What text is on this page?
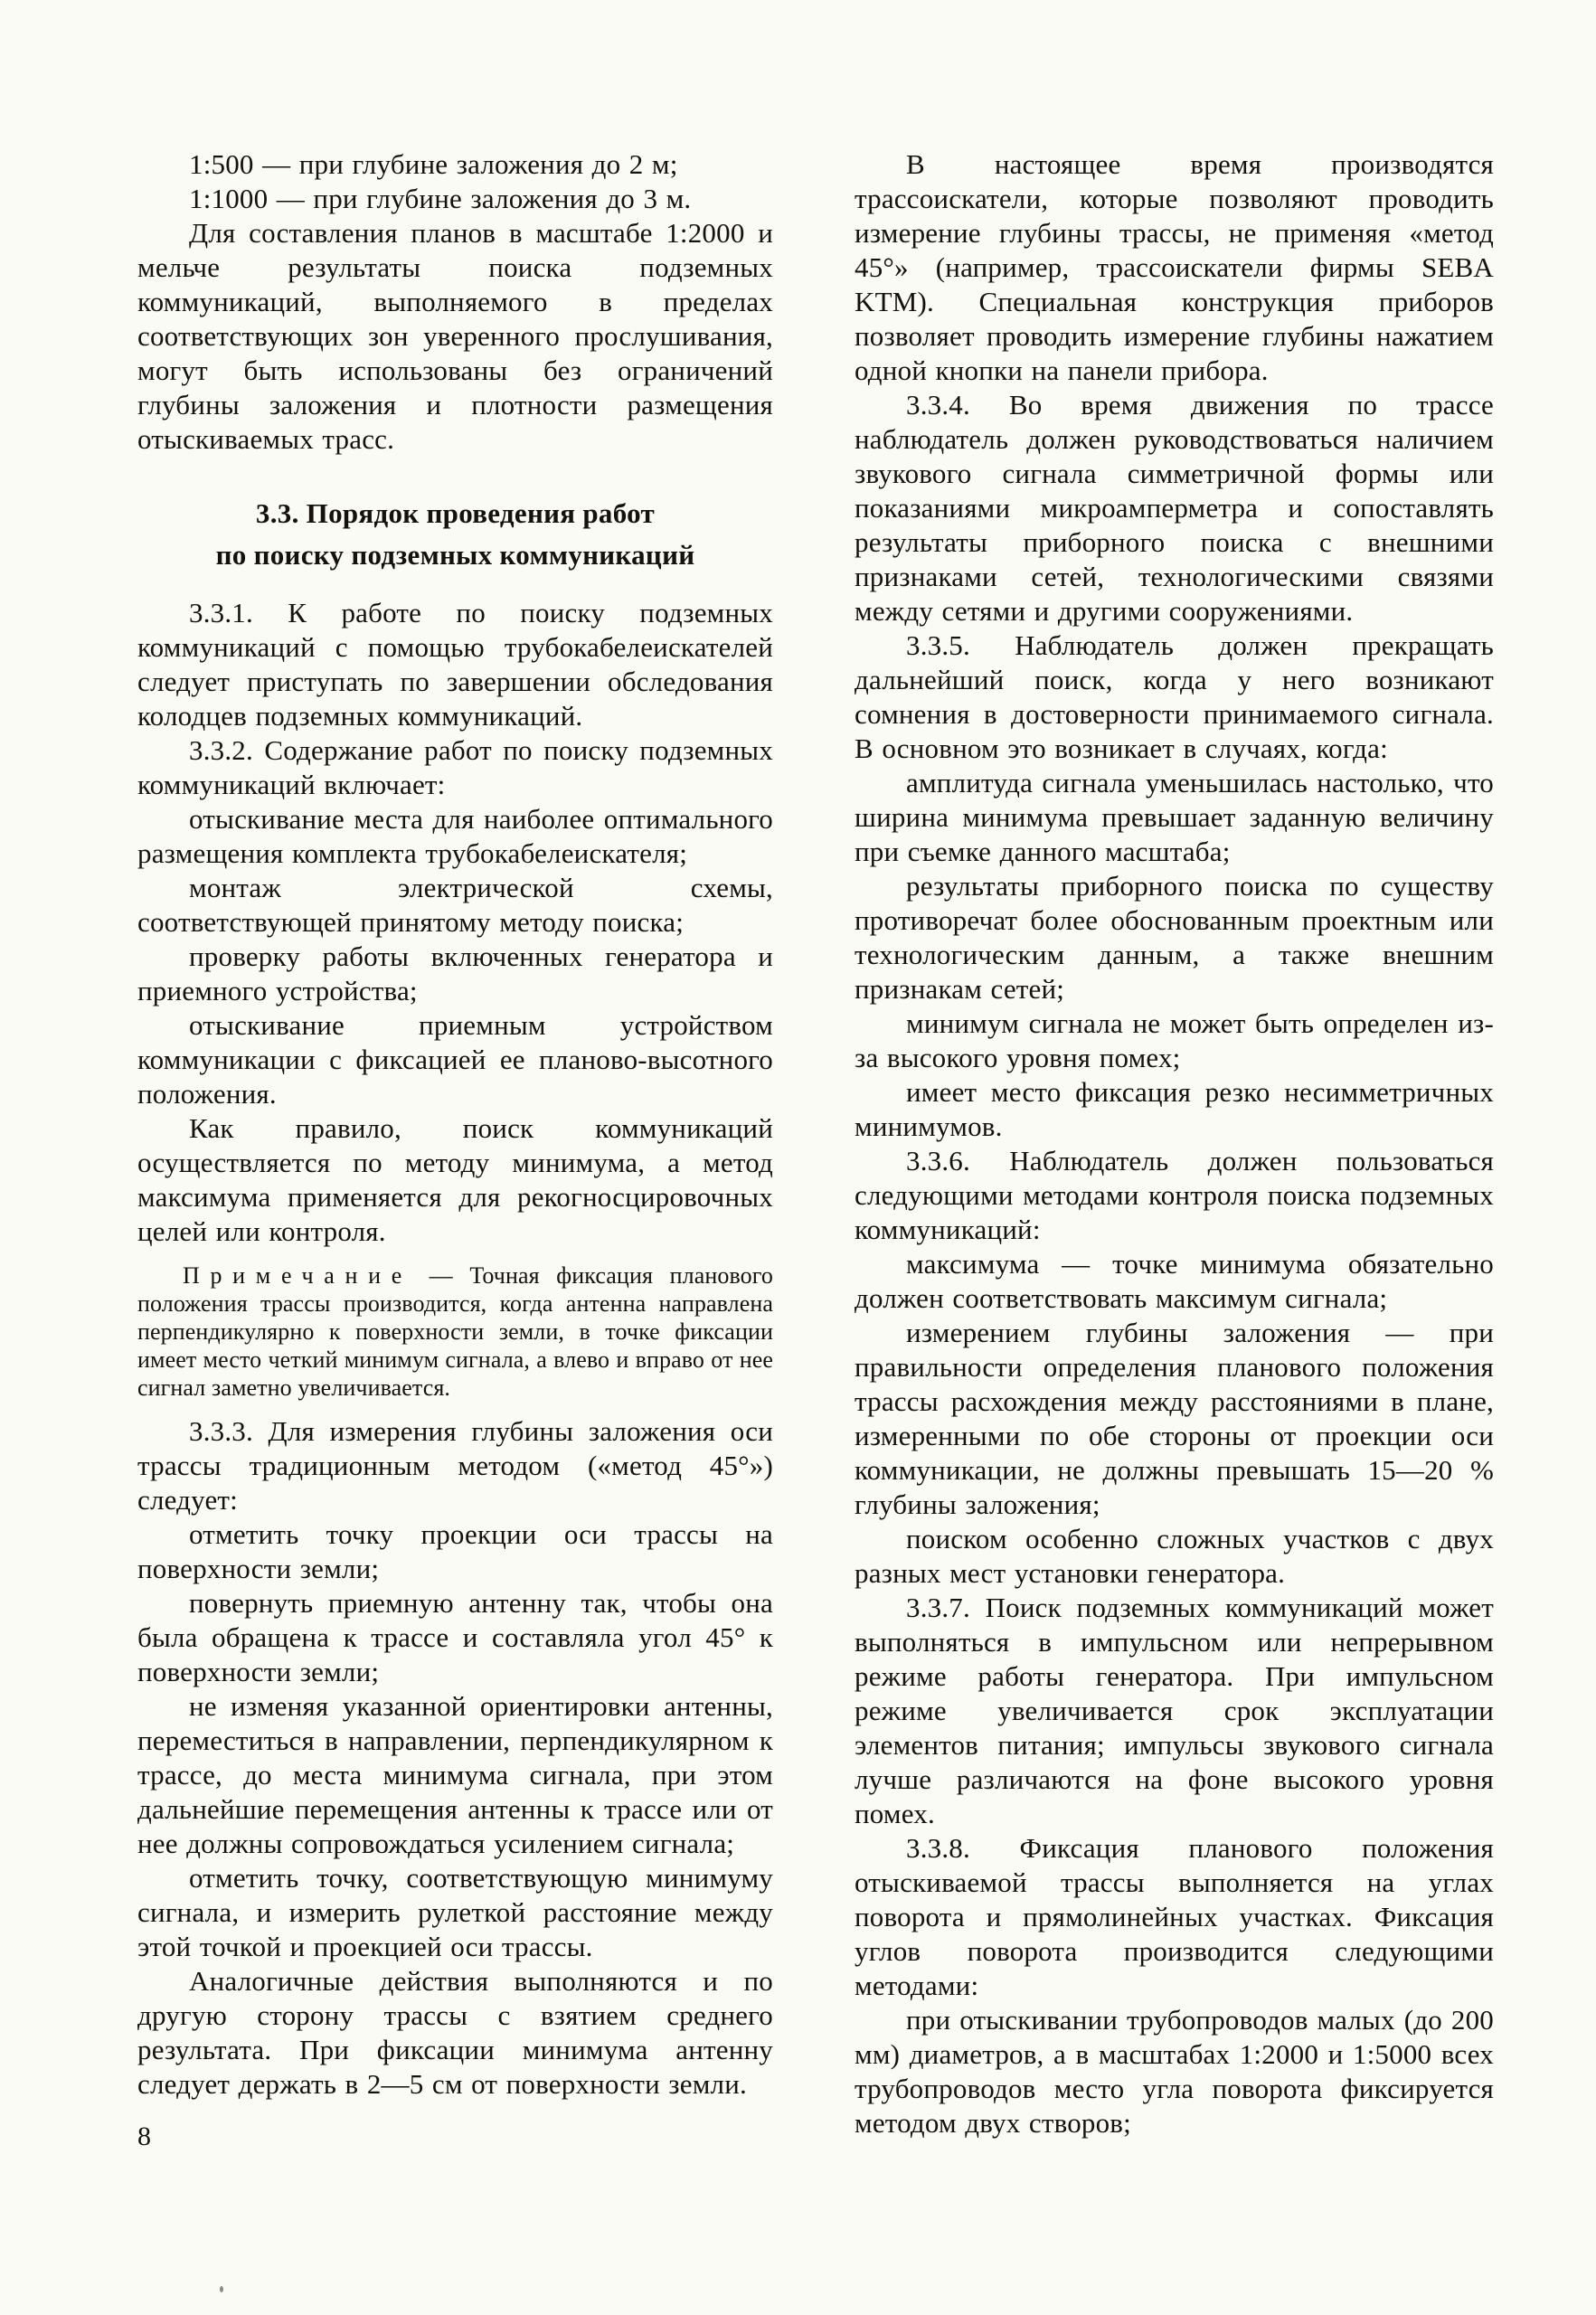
1:500 — при глубине заложения до 2 м;

1:1000 — при глубине заложения до 3 м.

Для составления планов в масштабе 1:2000 и мельче результаты поиска подземных коммуникаций, выполняемого в пределах соответствующих зон уверенного прослушивания, могут быть использованы без ограничений глубины заложения и плотности размещения отыскиваемых трасс.

3.3. Порядок проведения работ
по поиску подземных коммуникаций

3.3.1. К работе по поиску подземных коммуникаций с помощью трубокабелеискателей следует приступать по завершении обследования колодцев подземных коммуникаций.

3.3.2. Содержание работ по поиску подземных коммуникаций включает:

отыскивание места для наиболее оптимального размещения комплекта трубокабелеискателя;

монтаж электрической схемы, соответствующей принятому методу поиска;

проверку работы включенных генератора и приемного устройства;

отыскивание приемным устройством коммуникации с фиксацией ее планово-высотного положения.

Как правило, поиск коммуникаций осуществляется по методу минимума, а метод максимума применяется для рекогносцировочных целей или контроля.

Примечание — Точная фиксация планового положения трассы производится, когда антенна направлена перпендикулярно к поверхности земли, в точке фиксации имеет место четкий минимум сигнала, а влево и вправо от нее сигнал заметно увеличивается.

3.3.3. Для измерения глубины заложения оси трассы традиционным методом («метод 45°») следует:

отметить точку проекции оси трассы на поверхности земли;

повернуть приемную антенну так, чтобы она была обращена к трассе и составляла угол 45° к поверхности земли;

не изменяя указанной ориентировки антенны, переместиться в направлении, перпендикулярном к трассе, до места минимума сигнала, при этом дальнейшие перемещения антенны к трассе или от нее должны сопровождаться усилением сигнала;

отметить точку, соответствующую минимуму сигнала, и измерить рулеткой расстояние между этой точкой и проекцией оси трассы.

Аналогичные действия выполняются и по другую сторону трассы с взятием среднего результата. При фиксации минимума антенну следует держать в 2—5 см от поверхности земли.

8

В настоящее время производятся трассоискатели, которые позволяют проводить измерение глубины трассы, не применяя «метод 45°» (например, трассоискатели фирмы SEBA KTM). Специальная конструкция приборов позволяет проводить измерение глубины нажатием одной кнопки на панели прибора.

3.3.4. Во время движения по трассе наблюдатель должен руководствоваться наличием звукового сигнала симметричной формы или показаниями микроамперметра и сопоставлять результаты приборного поиска с внешними признаками сетей, технологическими связями между сетями и другими сооружениями.

3.3.5. Наблюдатель должен прекращать дальнейший поиск, когда у него возникают сомнения в достоверности принимаемого сигнала. В основном это возникает в случаях, когда:

амплитуда сигнала уменьшилась настолько, что ширина минимума превышает заданную величину при съемке данного масштаба;

результаты приборного поиска по существу противоречат более обоснованным проектным или технологическим данным, а также внешним признакам сетей;

минимум сигнала не может быть определен из-за высокого уровня помех;

имеет место фиксация резко несимметричных минимумов.

3.3.6. Наблюдатель должен пользоваться следующими методами контроля поиска подземных коммуникаций:

максимума — точке минимума обязательно должен соответствовать максимум сигнала;

измерением глубины заложения — при правильности определения планового положения трассы расхождения между расстояниями в плане, измеренными по обе стороны от проекции оси коммуникации, не должны превышать 15—20 % глубины заложения;

поиском особенно сложных участков с двух разных мест установки генератора.

3.3.7. Поиск подземных коммуникаций может выполняться в импульсном или непрерывном режиме работы генератора. При импульсном режиме увеличивается срок эксплуатации элементов питания; импульсы звукового сигнала лучше различаются на фоне высокого уровня помех.

3.3.8. Фиксация планового положения отыскиваемой трассы выполняется на углах поворота и прямолинейных участках. Фиксация углов поворота производится следующими методами:

при отыскивании трубопроводов малых (до 200 мм) диаметров, а в масштабах 1:2000 и 1:5000 всех трубопроводов место угла поворота фиксируется методом двух створов;
